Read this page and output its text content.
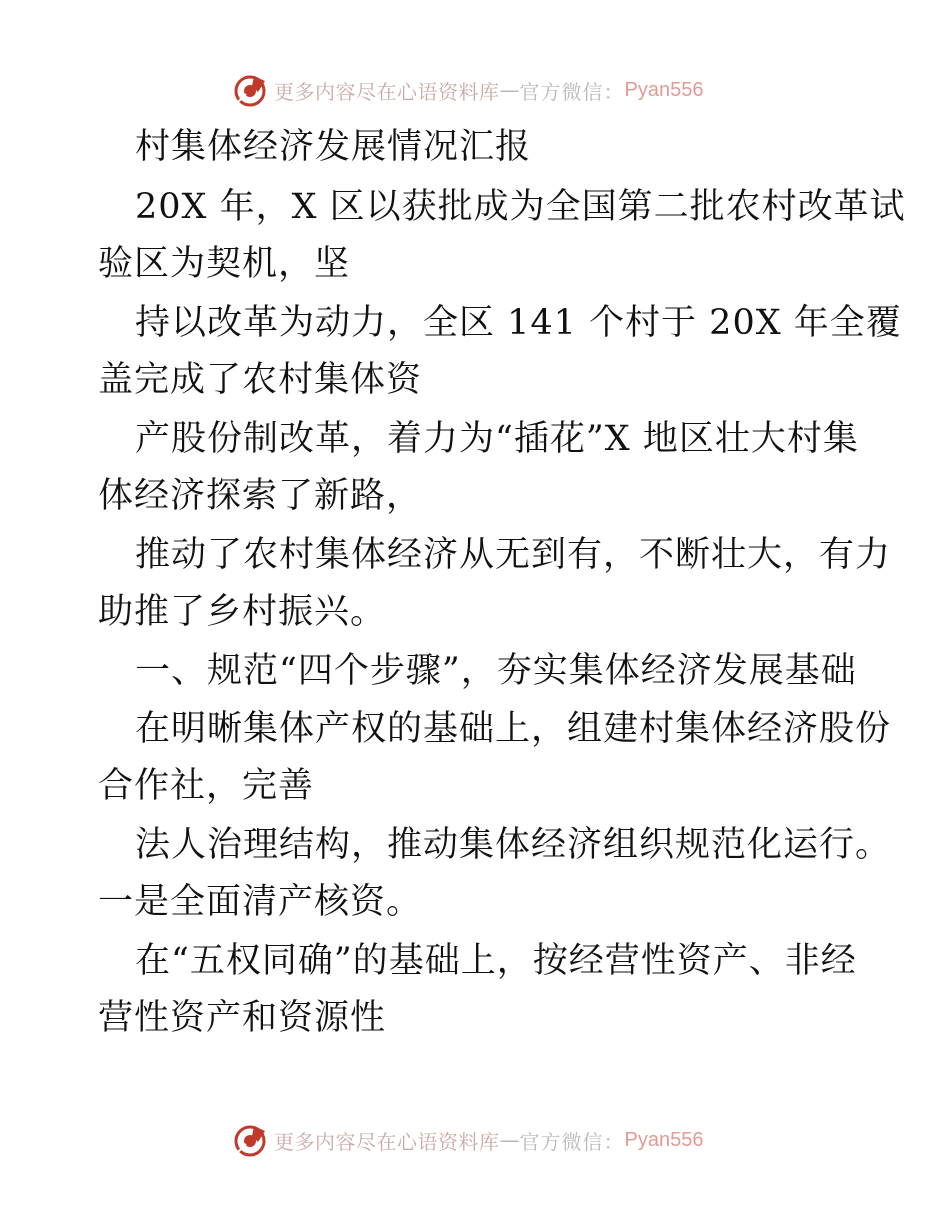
更多内容尽在心语资料库 — 官方微信： Pyan556
村集体经济发展情况汇报
20X 年，X 区以获批成为全国第二批农村改革试
验区为契机，坚
持以改革为动力，全区 141 个村于 20X 年全覆
盖完成了农村集体资
产股份制改革，着力为“插花”X 地区壮大村集
体经济探索了新路，
推动了农村集体经济从无到有，不断壮大，有力
助推了乡村振兴。
一、规范“四个步骤”，夯实集体经济发展基础
在明晰集体产权的基础上，组建村集体经济股份
合作社，完善
法人治理结构，推动集体经济组织规范化运行。
一是全面清产核资。
在“五权同确”的基础上，按经营性资产、非经
营性资产和资源性
更多内容尽在心语资料库 — 官方微信： Pyan556
